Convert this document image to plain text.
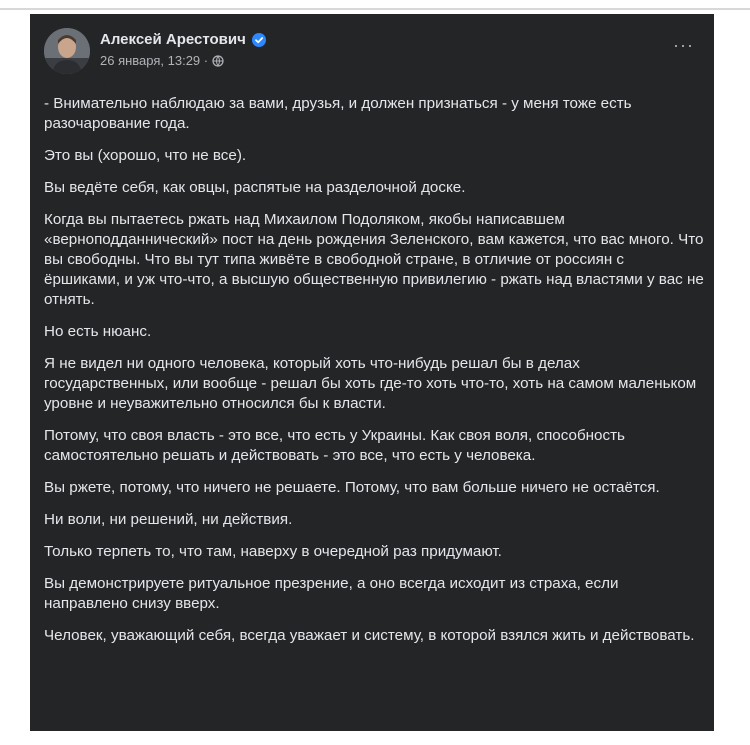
Алексей Арестович
26 января, 13:29 ·
···

- Внимательно наблюдаю за вами, друзья, и должен признаться - у меня тоже есть разочарование года.

Это вы (хорошо, что не все).

Вы ведёте себя, как овцы, распятые на разделочной доске.

Когда вы пытаетесь ржать над Михаилом Подоляком, якобы написавшем «верноподданнический» пост на день рождения Зеленского, вам кажется, что вас много. Что вы свободны. Что вы тут типа живёте в свободной стране, в отличие от россиян с ёршиками, и уж что-что, а высшую общественную привилегию - ржать над властями у вас не отнять.

Но есть нюанс.

Я не видел ни одного человека, который хоть что-нибудь решал бы в делах государственных, или вообще - решал бы хоть где-то хоть что-то, хоть на самом маленьком уровне и неуважительно относился бы к власти.

Потому, что своя власть - это все, что есть у Украины. Как своя воля, способность самостоятельно решать и действовать - это все, что есть у человека.

Вы ржете, потому, что ничего не решаете. Потому, что вам больше ничего не остаётся.

Ни воли, ни решений, ни действия.

Только терпеть то, что там, наверху в очередной раз придумают.

Вы демонстрируете ритуальное презрение, а оно всегда исходит из страха, если направлено снизу вверх.

Человек, уважающий себя, всегда уважает и систему, в которой взялся жить и действовать.
